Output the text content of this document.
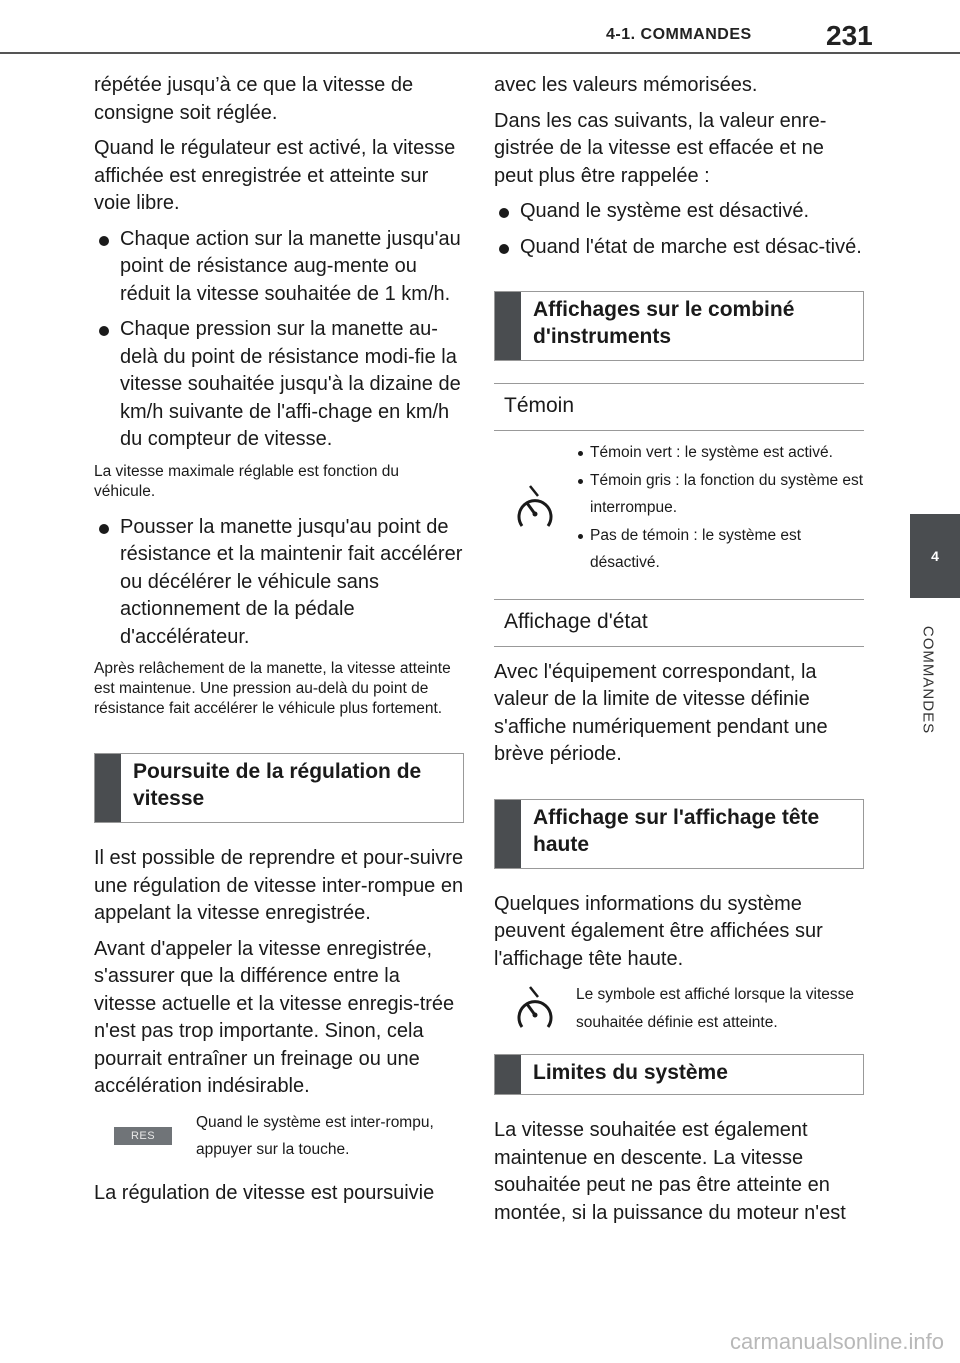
4-1. COMMANDES	231
4
COMMANDES

répétée jusqu’à ce que la vitesse de consigne soit réglée.

Quand le régulateur est activé, la vitesse affichée est enregistrée et atteinte sur voie libre.

Chaque action sur la manette jusqu'au point de résistance aug-mente ou réduit la vitesse souhaitée de 1 km/h.
Chaque pression sur la manette au-delà du point de résistance modi-fie la vitesse souhaitée jusqu'à la dizaine de km/h suivante de l'affi-chage en km/h du compteur de vitesse.

La vitesse maximale réglable est fonction du véhicule.

Pousser la manette jusqu'au point de résistance et la maintenir fait accélérer ou décélérer le véhicule sans actionnement de la pédale d'accélérateur.

Après relâchement de la manette, la vitesse atteinte est maintenue. Une pression au-delà du point de résistance fait accélérer le véhicule plus fortement.

Poursuite de la régulation de vitesse

Il est possible de reprendre et pour-suivre une régulation de vitesse inter-rompue en appelant la vitesse enregistrée.

Avant d'appeler la vitesse enregistrée, s'assurer que la différence entre la vitesse actuelle et la vitesse enregis-trée n'est pas trop importante. Sinon, cela pourrait entraîner un freinage ou une accélération indésirable.

RES
Quand le système est inter-rompu, appuyer sur la touche.

La régulation de vitesse est poursuivie

avec les valeurs mémorisées.

Dans les cas suivants, la valeur enre-gistrée de la vitesse est effacée et ne peut plus être rappelée :

Quand le système est désactivé.
Quand l'état de marche est désac-tivé.
Affichages sur le combiné d'instruments
Témoin
Témoin vert : le système est activé.
Témoin gris : la fonction du système est interrompue.
Pas de témoin : le système est désactivé.
Affichage d'état

Avec l'équipement correspondant, la valeur de la limite de vitesse définie s'affiche numériquement pendant une brève période.

Affichage sur l'affichage tête haute

Quelques informations du système peuvent également être affichées sur l'affichage tête haute.

Le symbole est affiché lorsque la vitesse souhaitée définie est atteinte.
Limites du système

La vitesse souhaitée est également maintenue en descente. La vitesse souhaitée peut ne pas être atteinte en montée, si la puissance du moteur n'est

carmanualsonline.info
